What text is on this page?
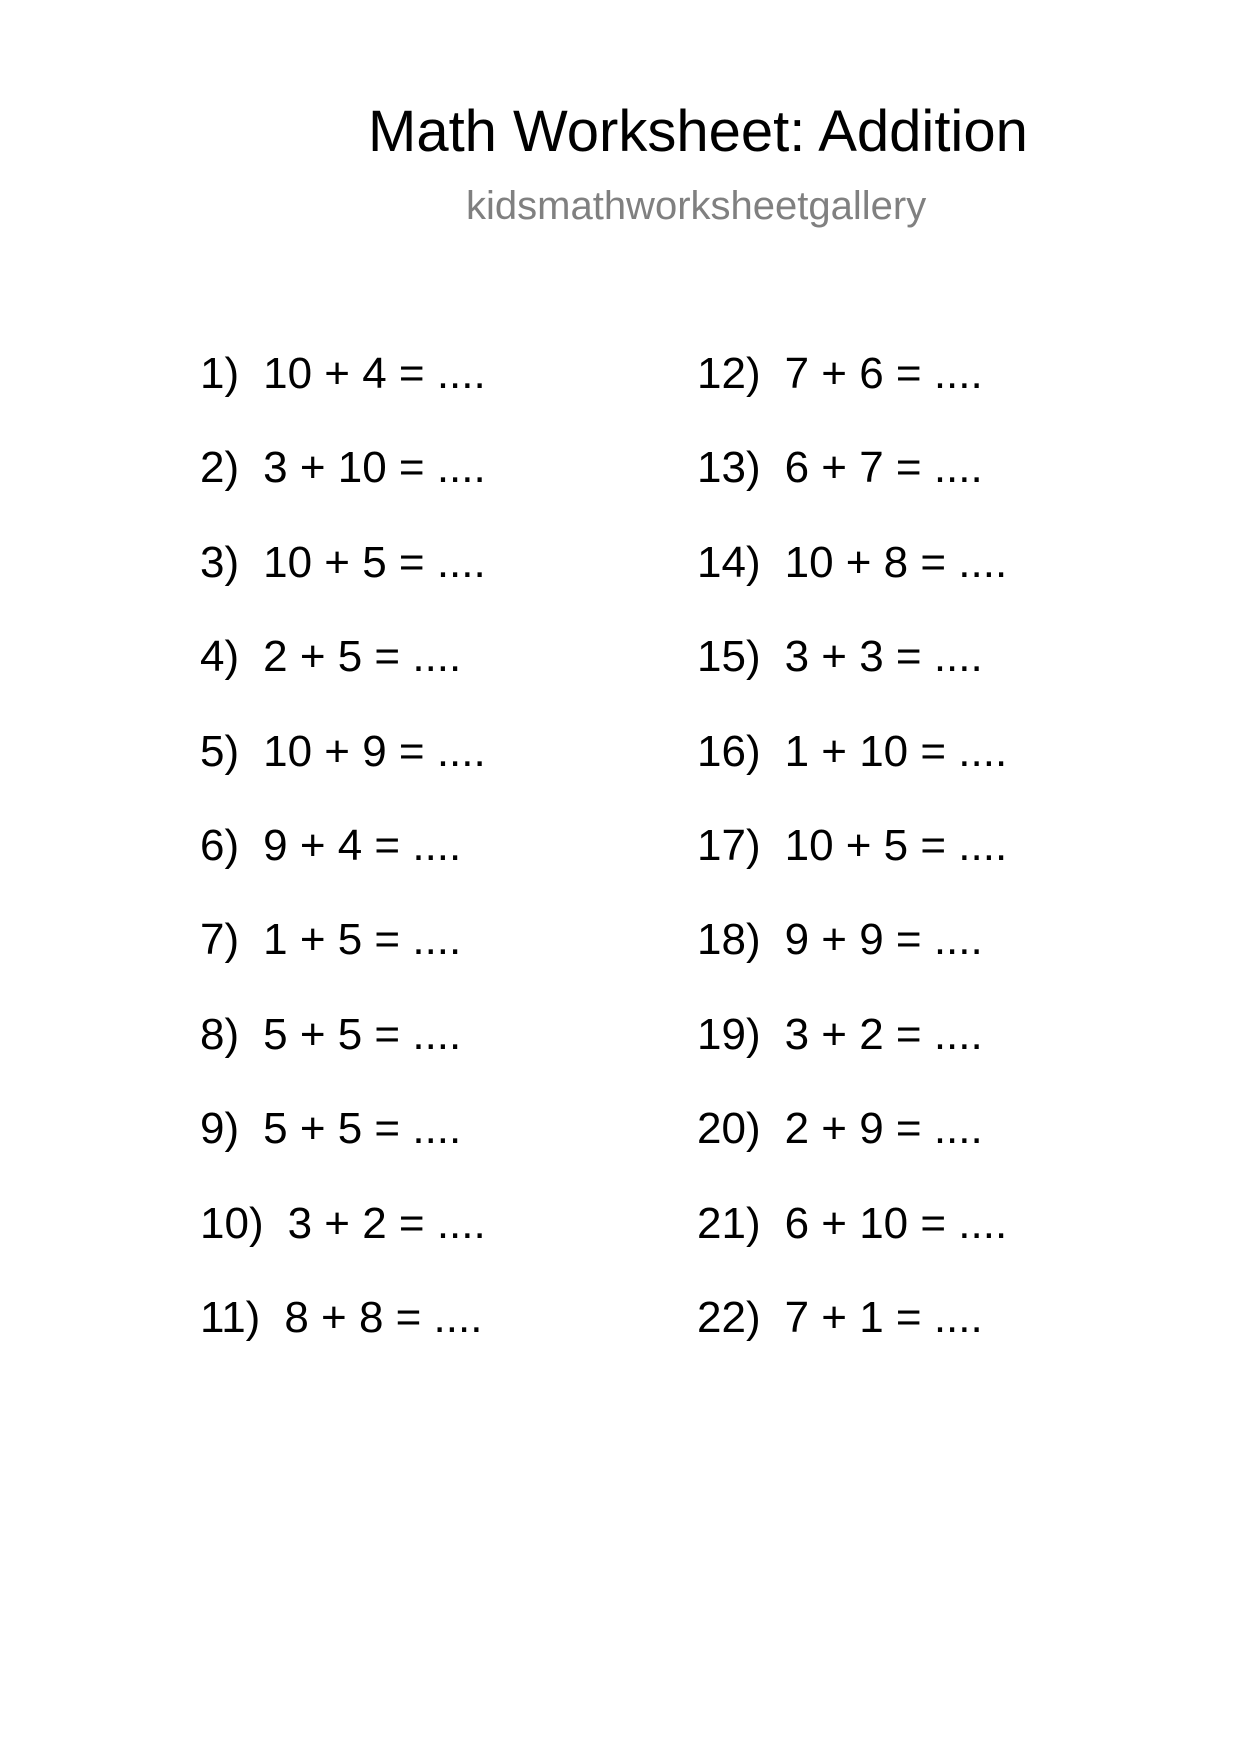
Math Worksheet: Addition
kidsmathworksheetgallery
1) 10 + 4 = ....
2) 3 + 10 = ....
3) 10 + 5 = ....
4) 2 + 5 = ....
5) 10 + 9 = ....
6) 9 + 4 = ....
7) 1 + 5 = ....
8) 5 + 5 = ....
9) 5 + 5 = ....
10) 3 + 2 = ....
11) 8 + 8 = ....
12) 7 + 6 = ....
13) 6 + 7 = ....
14) 10 + 8 = ....
15) 3 + 3 = ....
16) 1 + 10 = ....
17) 10 + 5 = ....
18) 9 + 9 = ....
19) 3 + 2 = ....
20) 2 + 9 = ....
21) 6 + 10 = ....
22) 7 + 1 = ....
